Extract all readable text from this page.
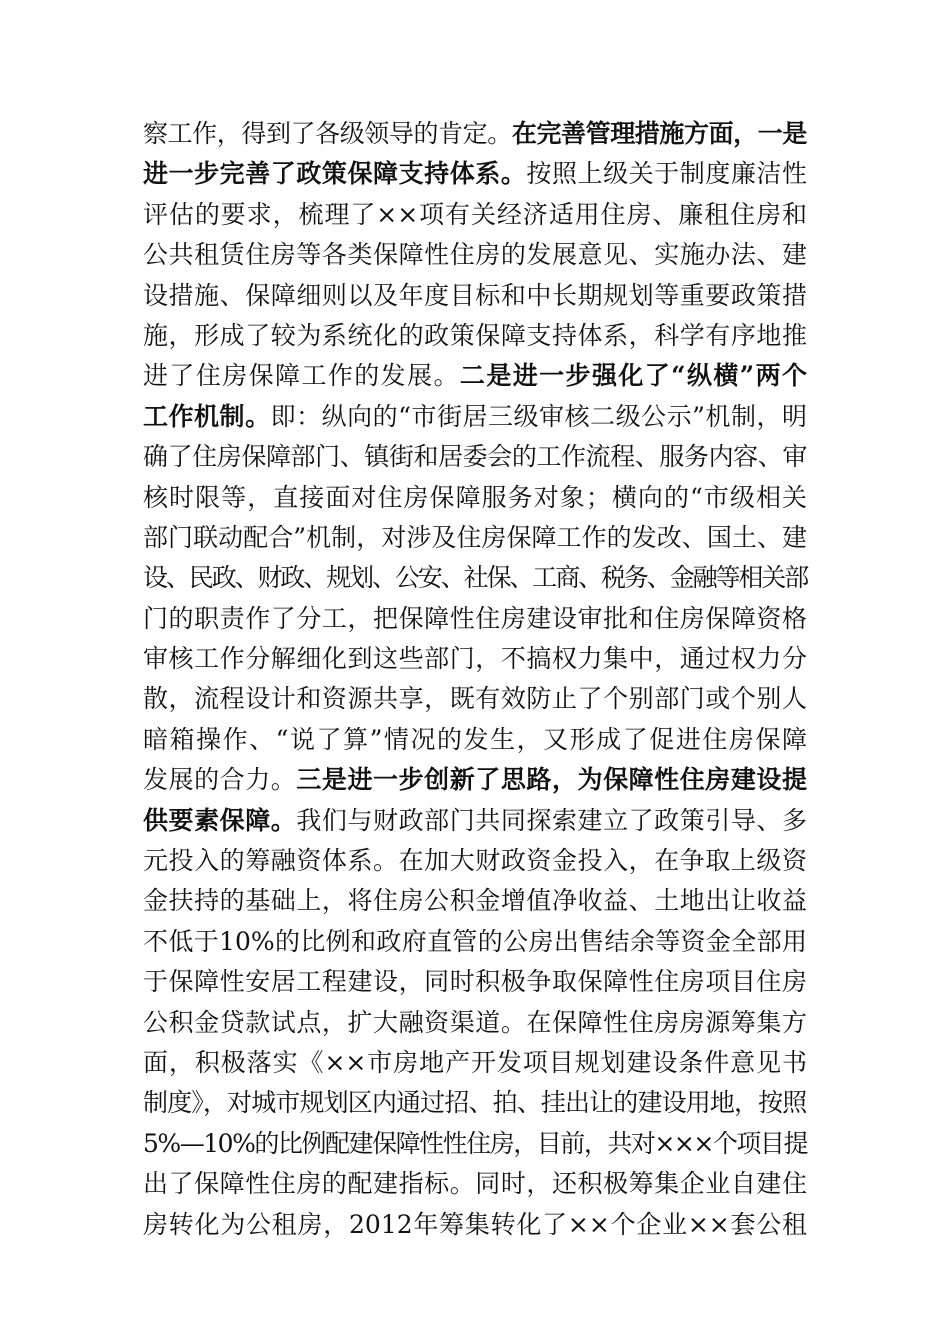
察工作，得到了各级领导的肯定。在完善管理措施方面，一是
进一步完善了政策保障支持体系。按照上级关于制度廉洁性
评估的要求，梳理了××项有关经济适用住房、廉租住房和
公共租赁住房等各类保障性住房的发展意见、实施办法、建
设措施、保障细则以及年度目标和中长期规划等重要政策措
施，形成了较为系统化的政策保障支持体系，科学有序地推
进了住房保障工作的发展。二是进一步强化了“纵横”两个
工作机制。即：纵向的“市街居三级审核二级公示”机制，明
确了住房保障部门、镇街和居委会的工作流程、服务内容、审
核时限等，直接面对住房保障服务对象；横向的“市级相关
部门联动配合”机制，对涉及住房保障工作的发改、国土、建
设、民政、财政、规划、公安、社保、工商、税务、金融等相关部
门的职责作了分工，把保障性住房建设审批和住房保障资格
审核工作分解细化到这些部门，不搞权力集中，通过权力分
散，流程设计和资源共享，既有效防止了个别部门或个别人
暗箱操作、“说了算”情况的发生，又形成了促进住房保障
发展的合力。三是进一步创新了思路，为保障性住房建设提
供要素保障。我们与财政部门共同探索建立了政策引导、多
元投入的筹融资体系。在加大财政资金投入，在争取上级资
金扶持的基础上，将住房公积金增值净收益、土地出让收益
不低于10%的比例和政府直管的公房出售结余等资金全部用
于保障性安居工程建设，同时积极争取保障性住房项目住房
公积金贷款试点，扩大融资渠道。在保障性住房房源筹集方
面，积极落实《××市房地产开发项目规划建设条件意见书
制度》，对城市规划区内通过招、拍、挂出让的建设用地，按照
5%—10%的比例配建保障性性住房，目前，共对×××个项目提
出了保障性住房的配建指标。同时，还积极筹集企业自建住
房转化为公租房，2012年筹集转化了××个企业××套公租
